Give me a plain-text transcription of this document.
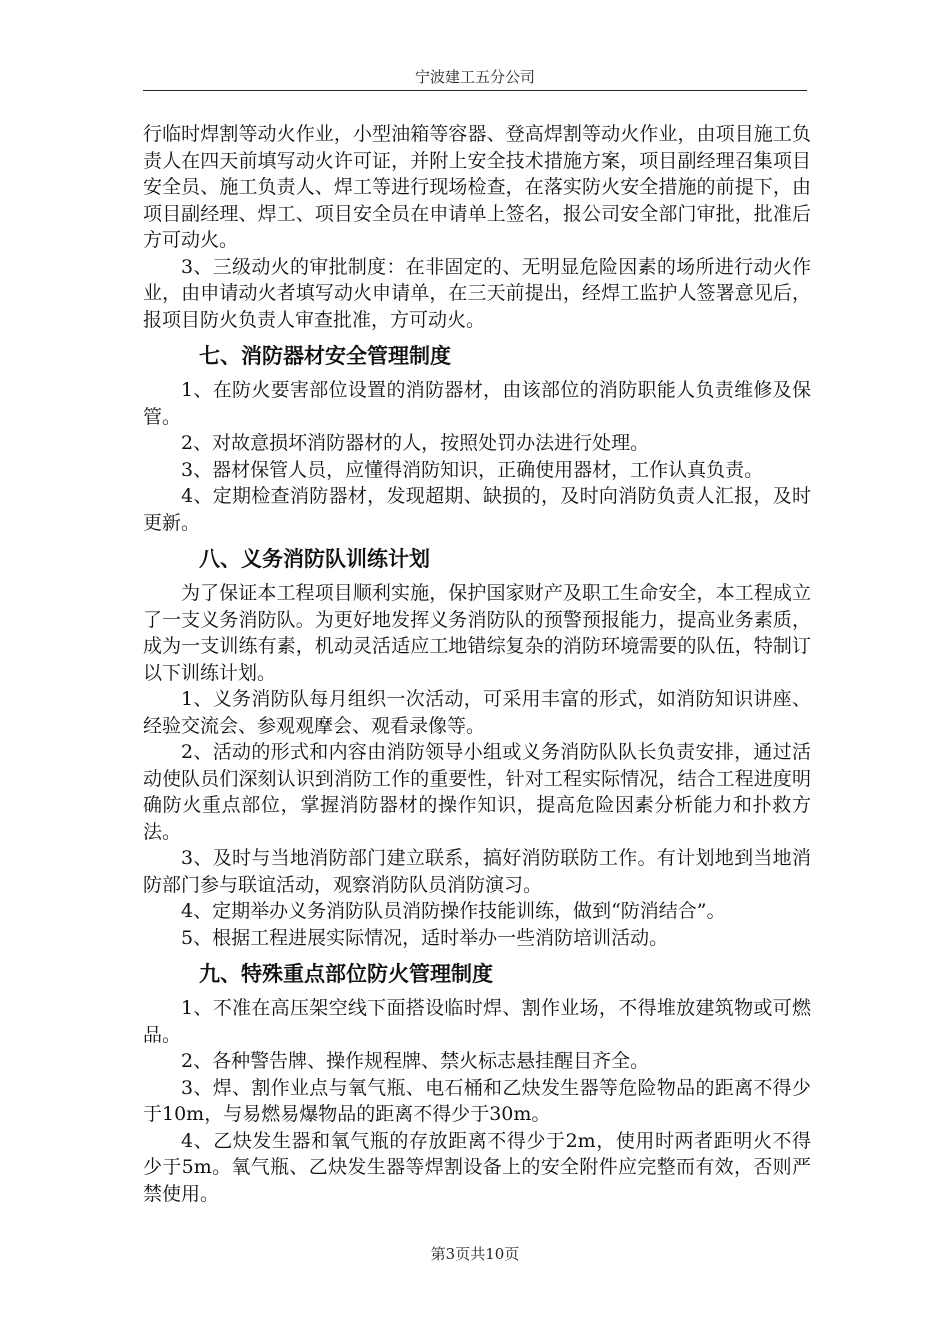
宁波建工五分公司

行临时焊割等动火作业，小型油箱等容器、登高焊割等动火作业，由项目施工负责人在四天前填写动火许可证，并附上安全技术措施方案，项目副经理召集项目安全员、施工负责人、焊工等进行现场检查，在落实防火安全措施的前提下，由项目副经理、焊工、项目安全员在申请单上签名，报公司安全部门审批，批准后方可动火。

3、三级动火的审批制度：在非固定的、无明显危险因素的场所进行动火作业，由申请动火者填写动火申请单，在三天前提出，经焊工监护人签署意见后，报项目防火负责人审查批准，方可动火。

七、消防器材安全管理制度

1、在防火要害部位设置的消防器材，由该部位的消防职能人负责维修及保管。

2、对故意损坏消防器材的人，按照处罚办法进行处理。

3、器材保管人员，应懂得消防知识，正确使用器材，工作认真负责。

4、定期检查消防器材，发现超期、缺损的，及时向消防负责人汇报，及时更新。

八、义务消防队训练计划

为了保证本工程项目顺利实施，保护国家财产及职工生命安全，本工程成立了一支义务消防队。为更好地发挥义务消防队的预警预报能力，提高业务素质，成为一支训练有素，机动灵活适应工地错综复杂的消防环境需要的队伍，特制订以下训练计划。

1、义务消防队每月组织一次活动，可采用丰富的形式，如消防知识讲座、经验交流会、参观观摩会、观看录像等。

2、活动的形式和内容由消防领导小组或义务消防队队长负责安排，通过活动使队员们深刻认识到消防工作的重要性，针对工程实际情况，结合工程进度明确防火重点部位，掌握消防器材的操作知识，提高危险因素分析能力和扑救方法。

3、及时与当地消防部门建立联系，搞好消防联防工作。有计划地到当地消防部门参与联谊活动，观察消防队员消防演习。

4、定期举办义务消防队员消防操作技能训练，做到“防消结合”。

5、根据工程进展实际情况，适时举办一些消防培训活动。

九、特殊重点部位防火管理制度

1、不准在高压架空线下面搭设临时焊、割作业场，不得堆放建筑物或可燃品。

2、各种警告牌、操作规程牌、禁火标志悬挂醒目齐全。

3、焊、割作业点与氧气瓶、电石桶和乙炔发生器等危险物品的距离不得少于10m，与易燃易爆物品的距离不得少于30m。

4、乙炔发生器和氧气瓶的存放距离不得少于2m，使用时两者距明火不得少于5m。氧气瓶、乙炔发生器等焊割设备上的安全附件应完整而有效，否则严禁使用。

第3页共10页
